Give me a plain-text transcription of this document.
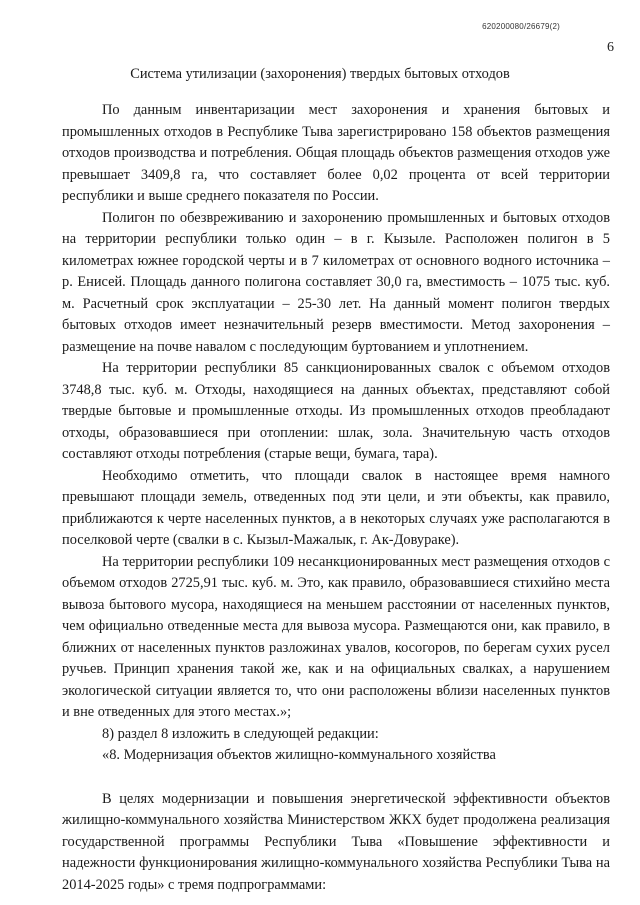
620200080/26679(2)
6
Система утилизации (захоронения) твердых бытовых отходов

По данным инвентаризации мест захоронения и хранения бытовых и промышленных отходов в Республике Тыва зарегистрировано 158 объектов размещения отходов производства и потребления. Общая площадь объектов размещения отходов уже превышает 3409,8 га, что составляет более 0,02 процента от всей территории республики и выше среднего показателя по России.

Полигон по обезвреживанию и захоронению промышленных и бытовых отходов на территории республики только один – в г. Кызыле. Расположен полигон в 5 километрах южнее городской черты и в 7 километрах от основного водного источника – р. Енисей. Площадь данного полигона составляет 30,0 га, вместимость – 1075 тыс. куб. м. Расчетный срок эксплуатации – 25-30 лет. На данный момент полигон твердых бытовых отходов имеет незначительный резерв вместимости. Метод захоронения – размещение на почве навалом с последующим буртованием и уплотнением.

На территории республики 85 санкционированных свалок с объемом отходов 3748,8 тыс. куб. м. Отходы, находящиеся на данных объектах, представляют собой твердые бытовые и промышленные отходы. Из промышленных отходов преобладают отходы, образовавшиеся при отоплении: шлак, зола. Значительную часть отходов составляют отходы потребления (старые вещи, бумага, тара).

Необходимо отметить, что площади свалок в настоящее время намного превышают площади земель, отведенных под эти цели, и эти объекты, как правило, приближаются к черте населенных пунктов, а в некоторых случаях уже располагаются в поселковой черте (свалки в с. Кызыл-Мажалык, г. Ак-Довураке).

На территории республики 109 несанкционированных мест размещения отходов с объемом отходов 2725,91 тыс. куб. м. Это, как правило, образовавшиеся стихийно места вывоза бытового мусора, находящиеся на меньшем расстоянии от населенных пунктов, чем официально отведенные места для вывоза мусора. Размещаются они, как правило, в ближних от населенных пунктов разложинах увалов, косогоров, по берегам сухих русел ручьев. Принцип хранения такой же, как и на официальных свалках, а нарушением экологической ситуации является то, что они расположены вблизи населенных пунктов и вне отведенных для этого местах.»;

8) раздел 8 изложить в следующей редакции:

«8. Модернизация объектов жилищно-коммунального хозяйства

В целях модернизации и повышения энергетической эффективности объектов жилищно-коммунального хозяйства Министерством ЖКХ будет продолжена реализация государственной программы Республики Тыва «Повышение эффективности и надежности функционирования жилищно-коммунального хозяйства Республики Тыва на 2014-2025 годы» с тремя подпрограммами:
